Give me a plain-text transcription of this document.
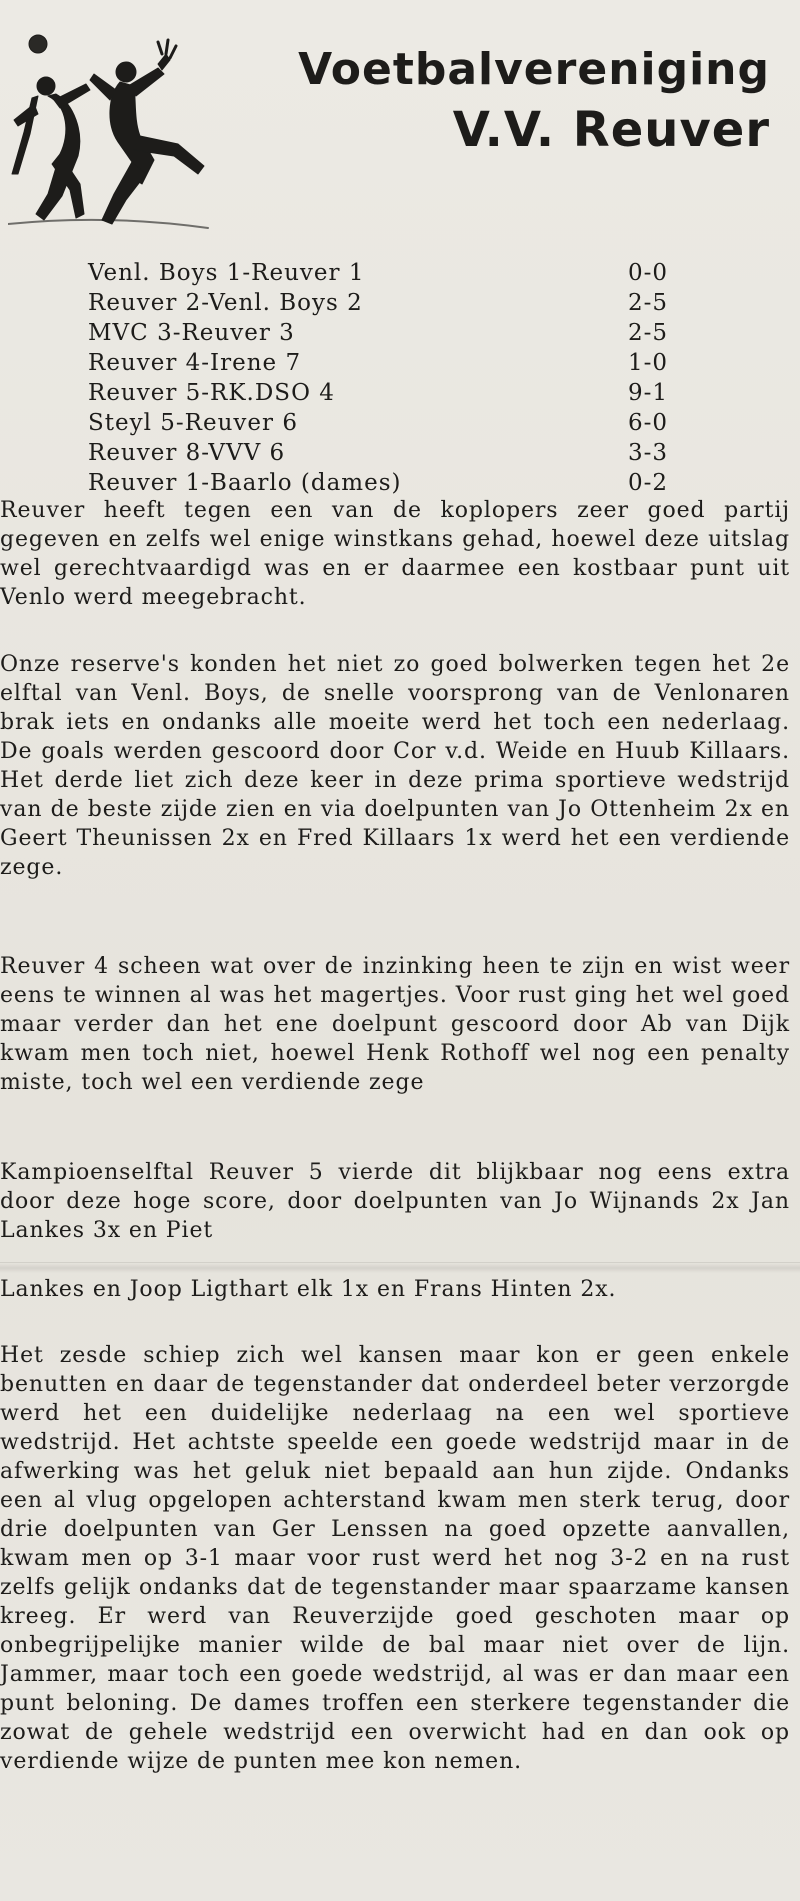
Voetbalvereniging
V.V. Reuver
Venl. Boys 1-Reuver 1	0-0
Reuver 2-Venl. Boys 2	2-5
MVC 3-Reuver 3	2-5
Reuver 4-Irene 7	1-0
Reuver 5-RK.DSO 4	9-1
Steyl 5-Reuver 6	6-0
Reuver 8-VVV 6	3-3
Reuver 1-Baarlo (dames)	0-2

Reuver heeft tegen een van de koplopers zeer goed partij gegeven en zelfs wel enige winstkans gehad, hoewel deze uitslag wel gerechtvaardigd was en er daarmee een kostbaar punt uit Venlo werd meegebracht.

Onze reserve's konden het niet zo goed bolwerken tegen het 2e elftal van Venl. Boys, de snelle voorsprong van de Venlonaren brak iets en ondanks alle moeite werd het toch een nederlaag. De goals werden gescoord door Cor v.d. Weide en Huub Killaars. Het derde liet zich deze keer in deze prima sportieve wedstrijd van de beste zijde zien en via doelpunten van Jo Ottenheim 2x en Geert Theunissen 2x en Fred Killaars 1x werd het een verdiende zege.

Reuver 4 scheen wat over de inzinking heen te zijn en wist weer eens te winnen al was het magertjes. Voor rust ging het wel goed maar verder dan het ene doelpunt gescoord door Ab van Dijk kwam men toch niet, hoewel Henk Rothoff wel nog een penalty miste, toch wel een verdiende zege

Kampioenselftal Reuver 5 vierde dit blijkbaar nog eens extra door deze hoge score, door doelpunten van Jo Wijnands 2x Jan Lankes 3x en Piet

Lankes en Joop Ligthart elk 1x en Frans Hinten 2x.

Het zesde schiep zich wel kansen maar kon er geen enkele benutten en daar de tegenstander dat onderdeel beter verzorgde werd het een duidelijke nederlaag na een wel sportieve wedstrijd. Het achtste speelde een goede wedstrijd maar in de afwerking was het geluk niet bepaald aan hun zijde. Ondanks een al vlug opgelopen achterstand kwam men sterk terug, door drie doelpunten van Ger Lenssen na goed opzette aanvallen, kwam men op 3-1 maar voor rust werd het nog 3-2 en na rust zelfs gelijk ondanks dat de tegenstander maar spaarzame kansen kreeg. Er werd van Reuverzijde goed geschoten maar op onbegrijpelijke manier wilde de bal maar niet over de lijn. Jammer, maar toch een goede wedstrijd, al was er dan maar een punt beloning. De dames troffen een sterkere tegenstander die zowat de gehele wedstrijd een overwicht had en dan ook op verdiende wijze de punten mee kon nemen.
